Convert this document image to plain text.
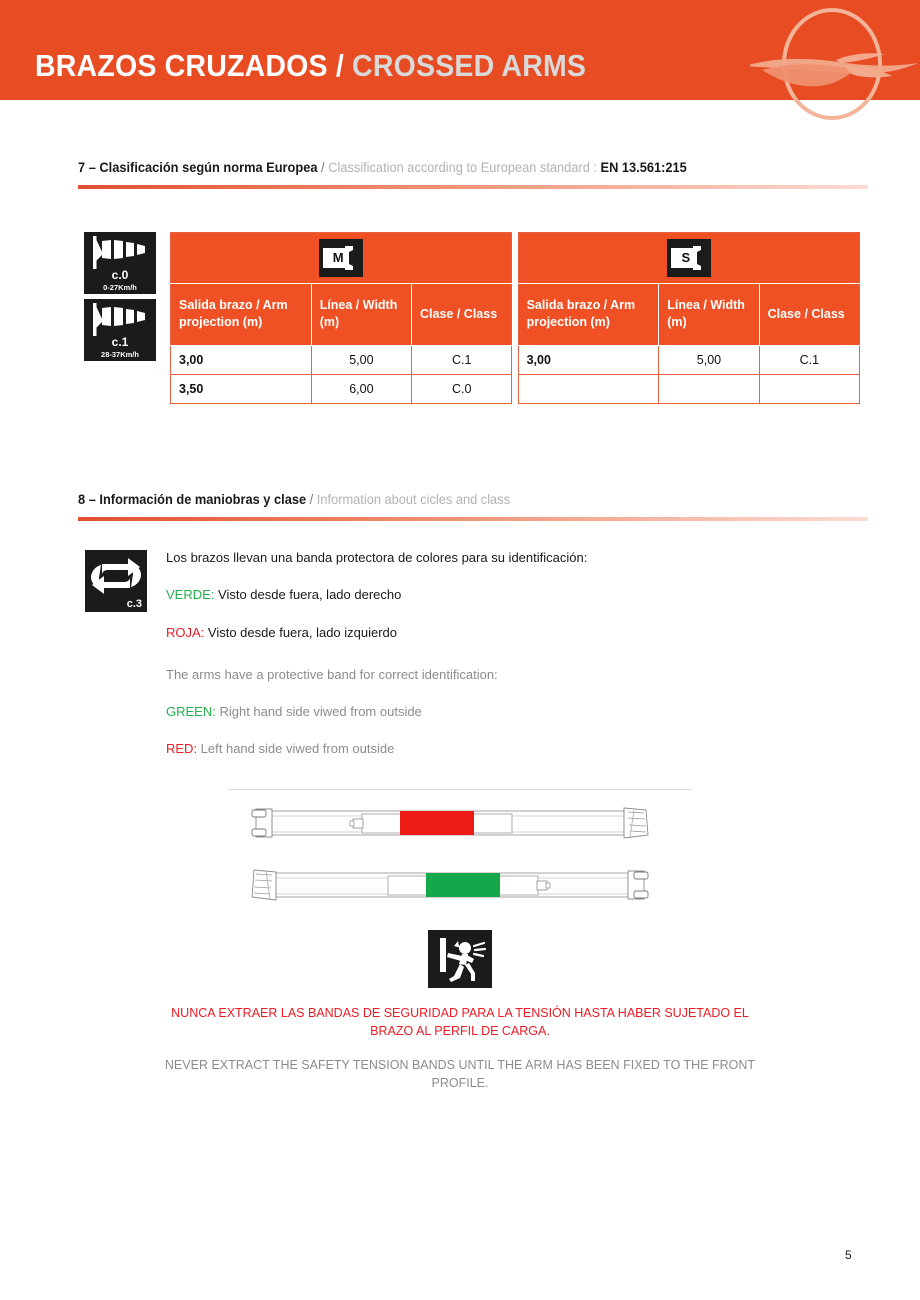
BRAZOS CRUZADOS / CROSSED ARMS
7 – Clasificación según norma Europea / Classification according to European standard : EN 13.561:215
c.0
0-27Km/h
c.1
28-37Km/h
M				S		

Salida brazo / Arm projection (m)	Línea / Width (m)	Clase / Class		Salida brazo / Arm projection (m)	Línea / Width (m)	Clase / Class
3,00	5,00	C.1		3,00	5,00	C.1
3,50	6,00	C.0				
8 – Información de maniobras y clase / Information about cicles and class
c.3

Los brazos llevan una banda protectora de colores para su identificación:

VERDE: Visto desde fuera, lado derecho

ROJA: Visto desde fuera, lado izquierdo

The arms have a protective band for correct identification:

GREEN: Right hand side viwed from outside

RED: Left hand side viwed from outside

NUNCA EXTRAER LAS BANDAS DE SEGURIDAD PARA LA TENSIÓN HASTA HABER SUJETADO EL BRAZO AL PERFIL DE CARGA.

NEVER EXTRACT THE SAFETY TENSION BANDS UNTIL THE ARM HAS BEEN FIXED TO THE FRONT PROFILE.

5
